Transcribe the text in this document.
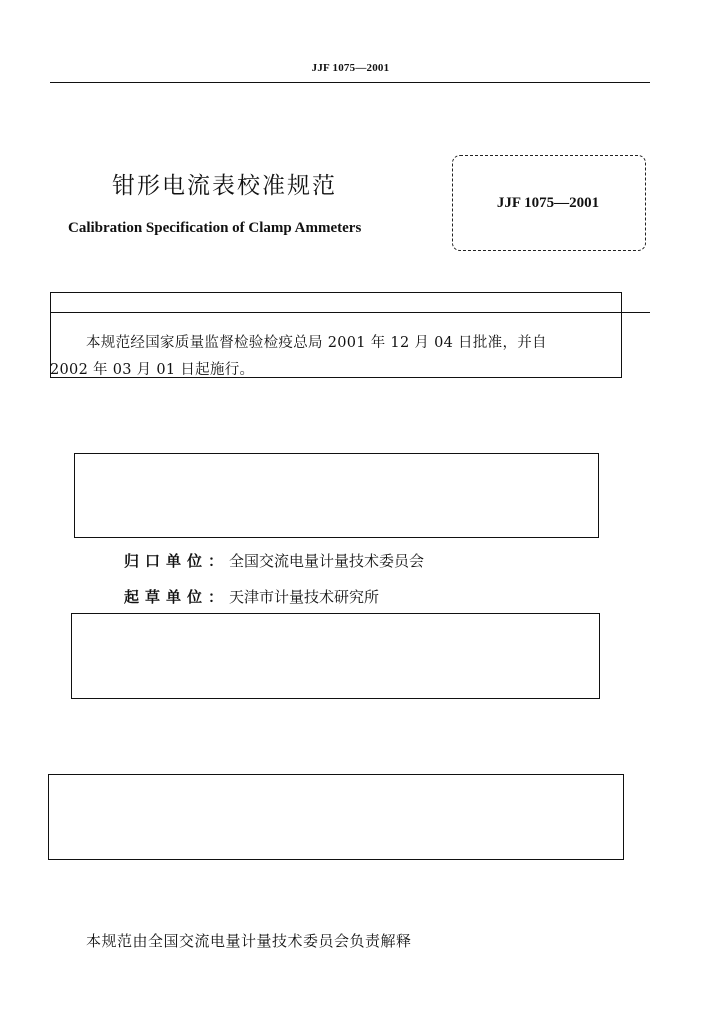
JJF 1075—2001
钳形电流表校准规范
Calibration Specification of Clamp Ammeters
JJF 1075—2001
本规范经国家质量监督检验检疫总局 2001 年 12 月 04 日批准，并自
2002 年 03 月 01 日起施行。
归口单位：全国交流电量计量技术委员会
起草单位：天津市计量技术研究所
本规范由全国交流电量计量技术委员会负责解释
